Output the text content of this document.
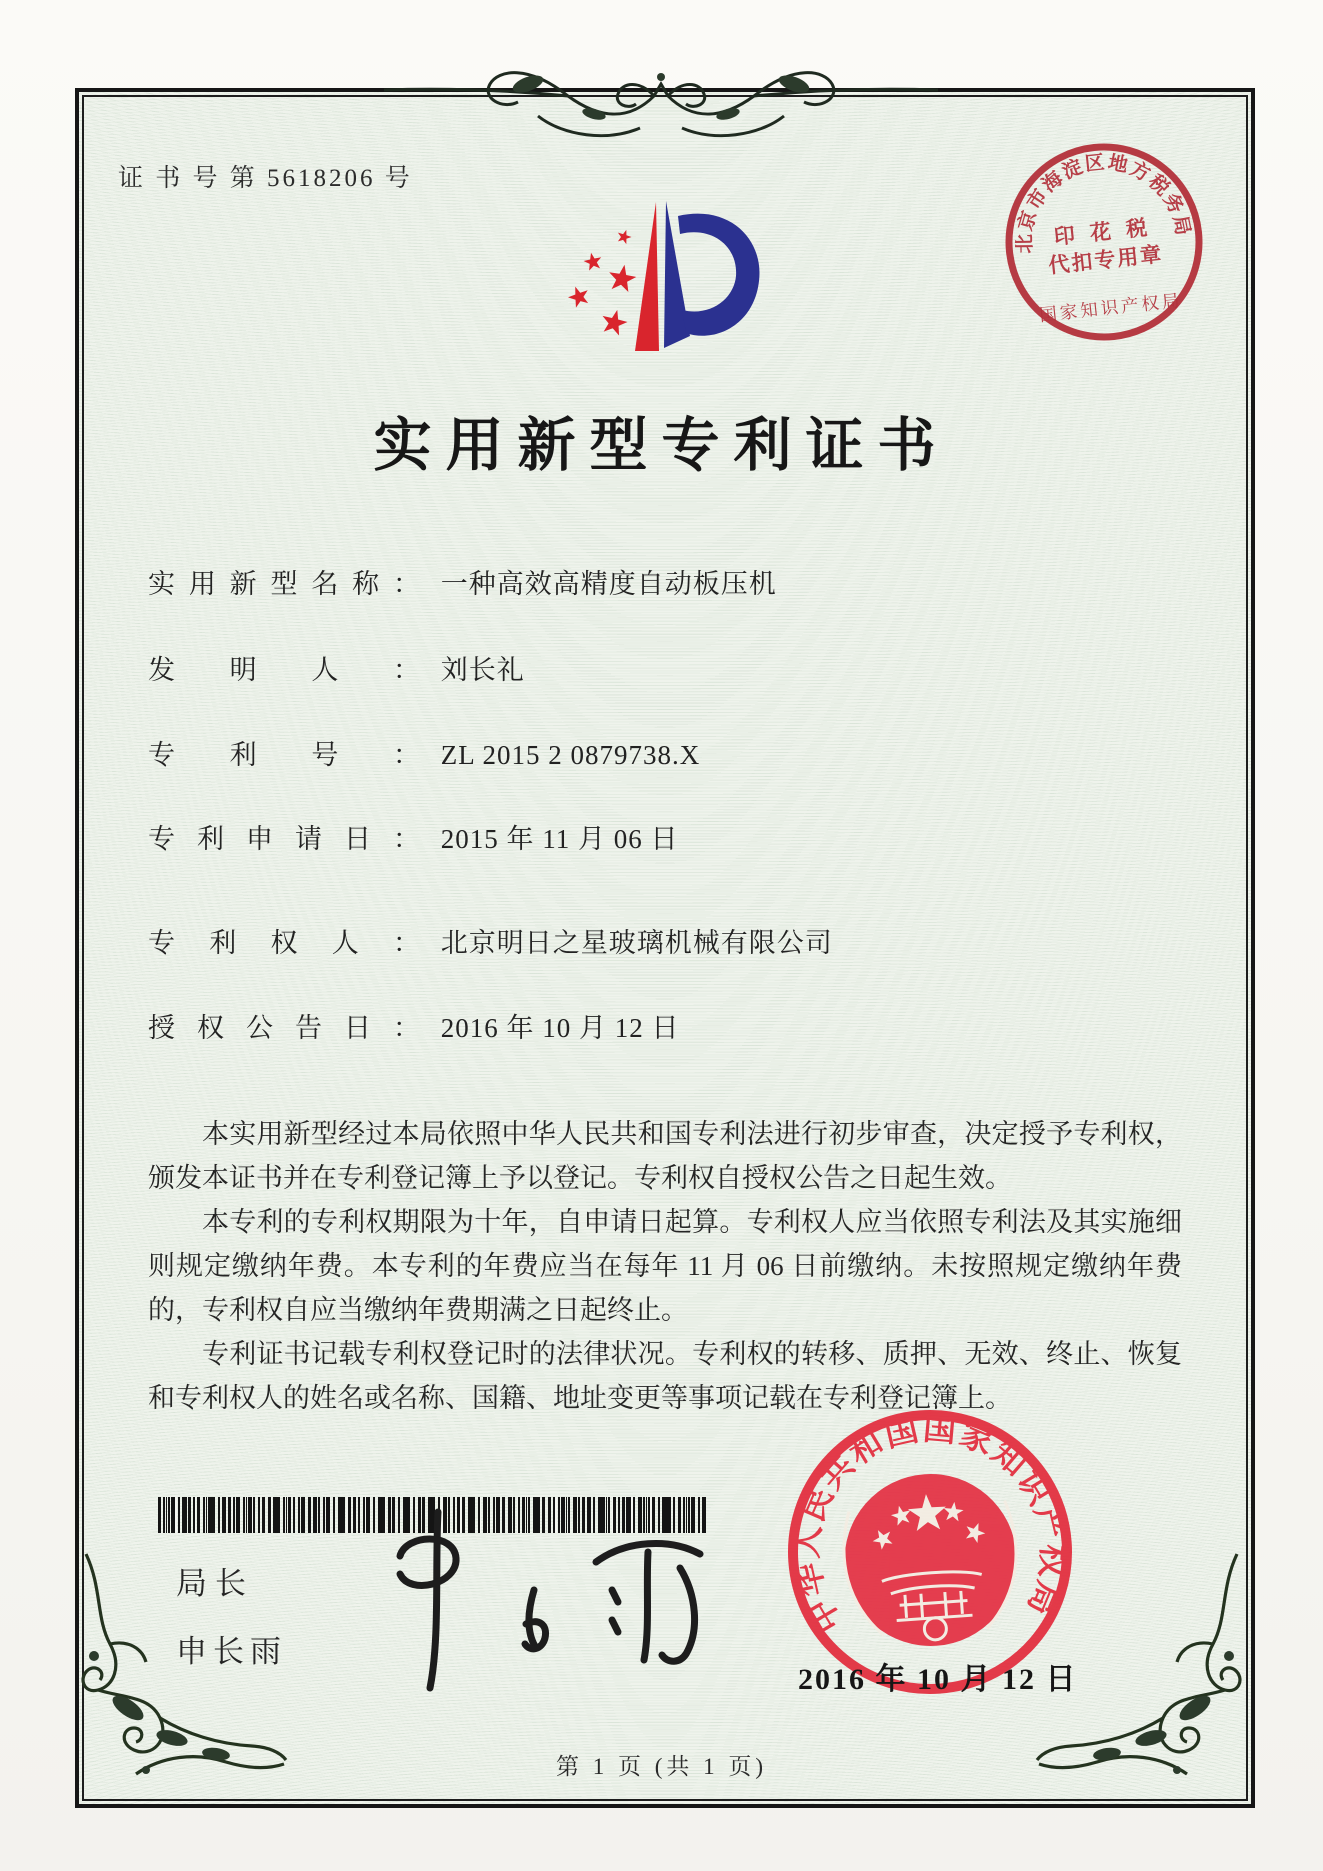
证 书 号 第 5618206 号
北京市海淀区地方税务局
印 花 税
代扣专用章
国家知识产权局
实用新型专利证书
实用新型名称： 一种高效高精度自动板压机
发明人： 刘长礼
专利号： ZL 2015 2 0879738.X
专利申请日： 2015 年 11 月 06 日
专利权人： 北京明日之星玻璃机械有限公司
授权公告日： 2016 年 10 月 12 日

本实用新型经过本局依照中华人民共和国专利法进行初步审查，决定授予专利权，颁发本证书并在专利登记簿上予以登记。专利权自授权公告之日起生效。

本专利的专利权期限为十年，自申请日起算。专利权人应当依照专利法及其实施细则规定缴纳年费。本专利的年费应当在每年 11 月 06 日前缴纳。未按照规定缴纳年费的，专利权自应当缴纳年费期满之日起终止。

专利证书记载专利权登记时的法律状况。专利权的转移、质押、无效、终止、恢复和专利权人的姓名或名称、国籍、地址变更等事项记载在专利登记簿上。

局长
申长雨
中华人民共和国国家知识产权局
2016 年 10 月 12 日
第 1 页 (共 1 页)
